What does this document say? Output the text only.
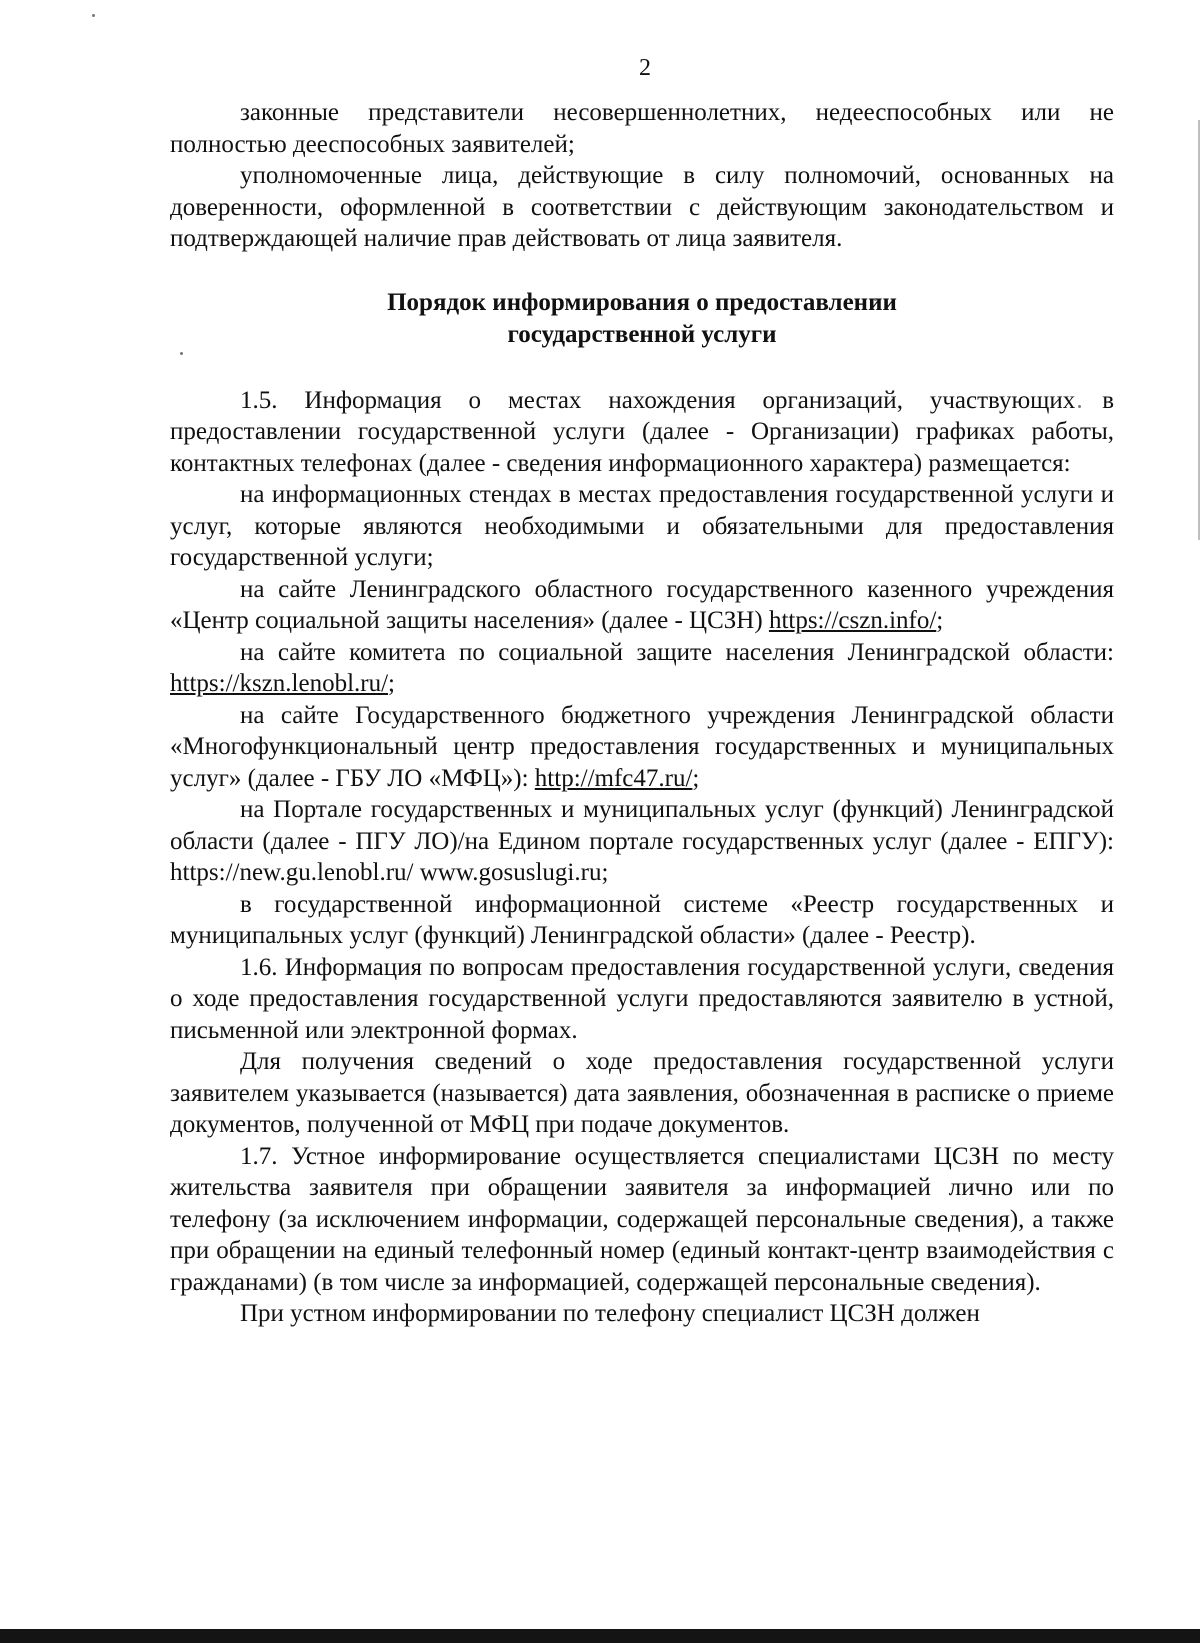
2

законные представители несовершеннолетних, недееспособных или не полностью дееспособных заявителей;

уполномоченные лица, действующие в силу полномочий, основанных на доверенности, оформленной в соответствии с действующим законодательством и подтверждающей наличие прав действовать от лица заявителя.

Порядок информирования о предоставлении
государственной услуги

1.5. Информация о местах нахождения организаций, участвующих в предоставлении государственной услуги (далее - Организации) графиках работы, контактных телефонах (далее - сведения информационного характера) размещается:

на информационных стендах в местах предоставления государственной услуги и услуг, которые являются необходимыми и обязательными для предоставления государственной услуги;

на сайте Ленинградского областного государственного казенного учреждения «Центр социальной защиты населения» (далее - ЦСЗН) https://cszn.info/;

на сайте комитета по социальной защите населения Ленинградской области: https://kszn.lenobl.ru/;

на сайте Государственного бюджетного учреждения Ленинградской области «Многофункциональный центр предоставления государственных и муниципальных услуг» (далее - ГБУ ЛО «МФЦ»): http://mfc47.ru/;

на Портале государственных и муниципальных услуг (функций) Ленинградской области (далее - ПГУ ЛО)/на Едином портале государственных услуг (далее - ЕПГУ): https://new.gu.lenobl.ru/ www.gosuslugi.ru;

в государственной информационной системе «Реестр государственных и муниципальных услуг (функций) Ленинградской области» (далее - Реестр).

1.6. Информация по вопросам предоставления государственной услуги, сведения о ходе предоставления государственной услуги предоставляются заявителю в устной, письменной или электронной формах.

Для получения сведений о ходе предоставления государственной услуги заявителем указывается (называется) дата заявления, обозначенная в расписке о приеме документов, полученной от МФЦ при подаче документов.

1.7. Устное информирование осуществляется специалистами ЦСЗН по месту жительства заявителя при обращении заявителя за информацией лично или по телефону (за исключением информации, содержащей персональные сведения), а также при обращении на единый телефонный номер (единый контакт-центр взаимодействия с гражданами) (в том числе за информацией, содержащей персональные сведения).

При устном информировании по телефону специалист ЦСЗН должен
